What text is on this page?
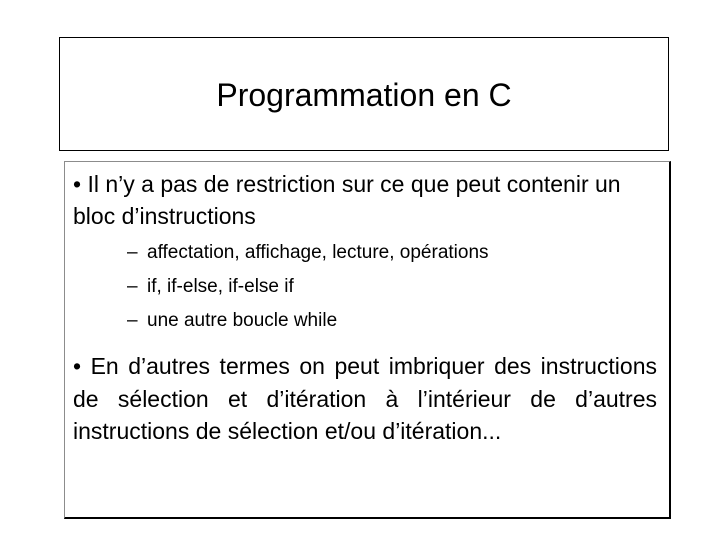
Programmation en C
• Il n’y a pas de restriction sur ce que peut contenir un bloc d’instructions
– affectation, affichage, lecture, opérations
– if, if-else, if-else if
– une autre boucle while
• En d’autres termes on peut imbriquer des instructions de sélection et d’itération à l’intérieur de d’autres instructions de sélection et/ou d’itération...
